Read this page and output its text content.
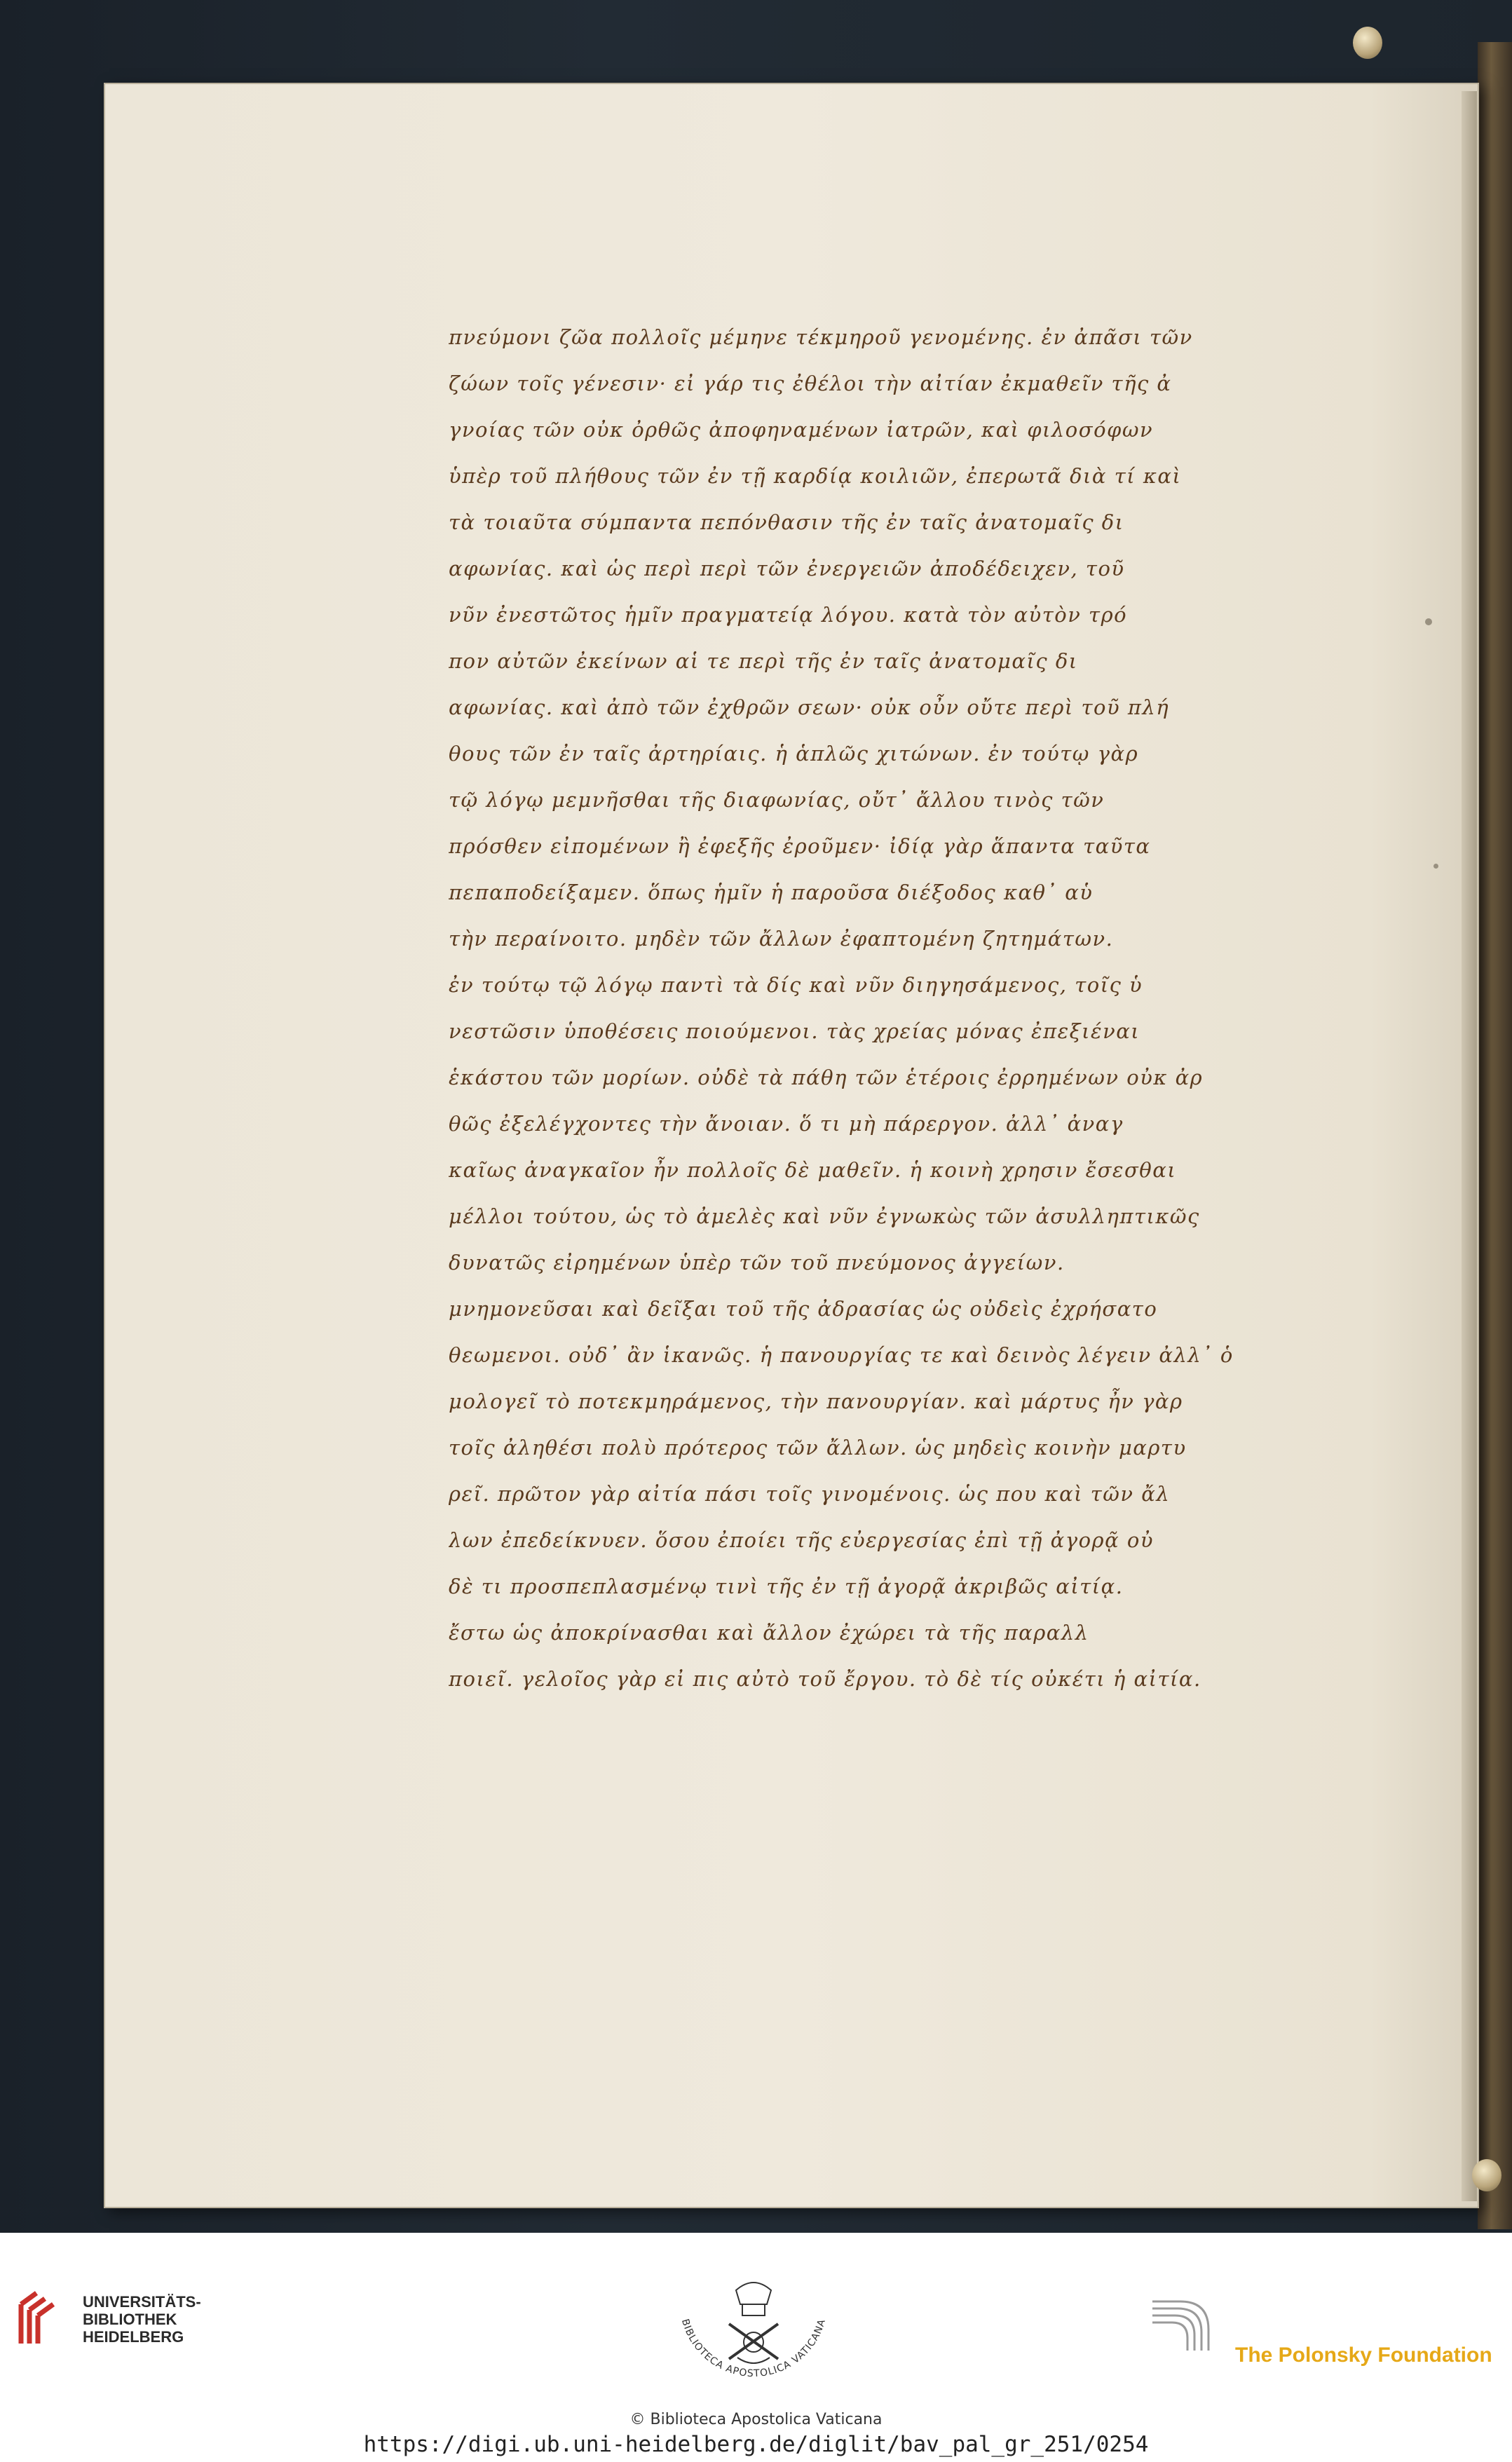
πνεύμονι ζῶα πολλοῖς μέμηνε τέκμηροῦ γενομένης. ἐν ἀπᾶσι τῶν
ζώων τοῖς γένεσιν· εἰ γάρ τις ἐθέλοι τὴν αἰτίαν ἐκμαθεῖν τῆς ἀ
γνοίας τῶν οὐκ ὀρθῶς ἀποφηναμένων ἰατρῶν, καὶ φιλοσόφων
ὑπὲρ τοῦ πλήθους τῶν ἐν τῇ καρδίᾳ κοιλιῶν, ἐπερωτᾶ διὰ τί καὶ
τὰ τοιαῦτα σύμπαντα πεπόνθασιν τῆς ἐν ταῖς ἀνατομαῖς δι
αφωνίας. καὶ ὡς περὶ περὶ τῶν ἐνεργειῶν ἀποδέδειχεν, τοῦ
νῦν ἐνεστῶτος ἡμῖν πραγματείᾳ λόγου. κατὰ τὸν αὐτὸν τρό
πον αὐτῶν ἐκείνων αἱ τε περὶ τῆς ἐν ταῖς ἀνατομαῖς δι
αφωνίας. καὶ ἀπὸ τῶν ἐχθρῶν σεων· οὐκ οὖν οὔτε περὶ τοῦ πλή
θους τῶν ἐν ταῖς ἀρτηρίαις. ἡ ἁπλῶς χιτώνων. ἐν τούτῳ γὰρ
τῷ λόγῳ μεμνῆσθαι τῆς διαφωνίας, οὔτ᾽ ἄλλου τινὸς τῶν
πρόσθεν εἰπομένων ἢ ἐφεξῆς ἐροῦμεν· ἰδίᾳ γὰρ ἅπαντα ταῦτα
πεπαποδείξαμεν. ὅπως ἡμῖν ἡ παροῦσα διέξοδος καθ᾽ αὑ
τὴν περαίνοιτο. μηδὲν τῶν ἄλλων ἐφαπτομένη ζητημάτων.
ἐν τούτῳ τῷ λόγῳ παντὶ τὰ δίς καὶ νῦν διηγησάμενος, τοῖς ὑ
νεστῶσιν ὑποθέσεις ποιούμενοι. τὰς χρείας μόνας ἐπεξιέναι
ἑκάστου τῶν μορίων. οὐδὲ τὰ πάθη τῶν ἑτέροις ἐρρημένων οὐκ ἀρ
θῶς ἐξελέγχοντες τὴν ἄνοιαν. ὅ τι μὴ πάρεργον. ἀλλ᾽ ἀναγ
καῖως ἀναγκαῖον ἦν πολλοῖς δὲ μαθεῖν. ἡ κοινὴ χρησιν ἔσεσθαι
μέλλοι τούτου, ὡς τὸ ἀμελὲς καὶ νῦν ἐγνωκὼς τῶν ἀσυλληπτικῶς
δυνατῶς εἰρημένων ὑπὲρ τῶν τοῦ πνεύμονος ἀγγείων.
μνημονεῦσαι καὶ δεῖξαι τοῦ τῆς ἀδρασίας ὡς οὐδεὶς ἐχρήσατο
θεωμενοι. οὐδ᾽ ἂν ἱκανῶς. ἡ πανουργίας τε καὶ δεινὸς λέγειν ἀλλ᾽ ὁ
μολογεῖ τὸ ποτεκμηράμενος, τὴν πανουργίαν. καὶ μάρτυς ἦν γὰρ
τοῖς ἀληθέσι πολὺ πρότερος τῶν ἄλλων. ὡς μηδεὶς κοινὴν μαρτυ
ρεῖ. πρῶτον γὰρ αἰτία πάσι τοῖς γινομένοις. ὡς που καὶ τῶν ἄλ
λων ἐπεδείκνυεν. ὅσου ἐποίει τῆς εὐεργεσίας ἐπὶ τῇ ἀγορᾷ οὐ
δὲ τι προσπεπλασμένῳ τινὶ τῆς ἐν τῇ ἀγορᾷ ἀκριβῶς αἰτίᾳ.
ἔστω ὡς ἀποκρίνασθαι καὶ ἄλλον ἐχώρει τὰ τῆς παραλλ
ποιεῖ. γελοῖος γὰρ εἰ πις αὐτὸ τοῦ ἔργου. τὸ δὲ τίς οὐκέτι ἡ αἰτία.
UNIVERSITÄTS-
BIBLIOTHEK
HEIDELBERG
BIBLIOTECA APOSTOLICA VATICANA
© Biblioteca Apostolica Vaticana
https://digi.ub.uni-heidelberg.de/diglit/bav_pal_gr_251/0254
The Polonsky Foundation
